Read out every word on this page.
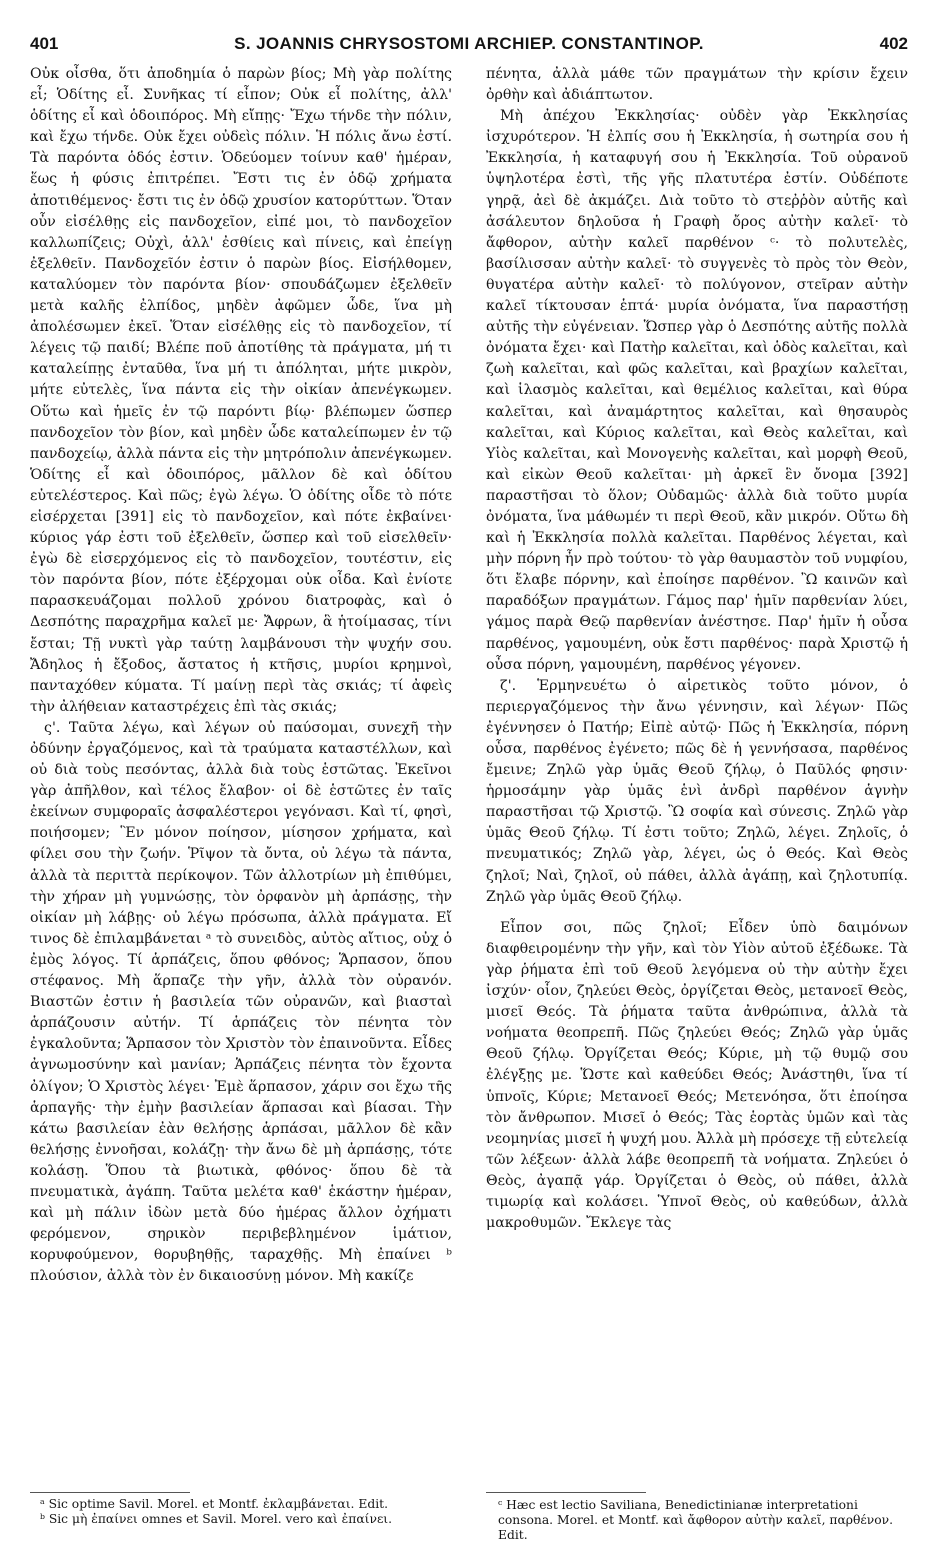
401	S. JOANNIS CHRYSOSTOMI ARCHIEP. CONSTANTINOP.	402

Οὐκ οἶσθα, ὅτι ἀποδημία ὁ παρὼν βίος; Μὴ γὰρ πολίτης εἶ; Ὁδίτης εἶ. Συνῆκας τί εἶπον; Οὐκ εἶ πολίτης, ἀλλ' ὁδίτης εἶ καὶ ὁδοιπόρος. Μὴ εἴπῃς· Ἔχω τήνδε τὴν πόλιν, καὶ ἔχω τήνδε. Οὐκ ἔχει οὐδεὶς πόλιν. Ἡ πόλις ἄνω ἐστί. Τὰ παρόντα ὁδός ἐστιν. Ὁδεύομεν τοίνυν καθ' ἡμέραν, ἕως ἡ φύσις ἐπιτρέπει. Ἔστι τις ἐν ὁδῷ χρήματα ἀποτιθέμενος· ἔστι τις ἐν ὁδῷ χρυσίον κατορύττων. Ὅταν οὖν εἰσέλθῃς εἰς πανδοχεῖον, εἰπέ μοι, τὸ πανδοχεῖον καλλωπίζεις; Οὐχὶ, ἀλλ' ἐσθίεις καὶ πίνεις, καὶ ἐπείγῃ ἐξελθεῖν. Πανδοχεῖόν ἐστιν ὁ παρὼν βίος. Εἰσήλθομεν, καταλύομεν τὸν παρόντα βίον· σπουδάζωμεν ἐξελθεῖν μετὰ καλῆς ἐλπίδος, μηδὲν ἀφῶμεν ὧδε, ἵνα μὴ ἀπολέσωμεν ἐκεῖ. Ὅταν εἰσέλθῃς εἰς τὸ πανδοχεῖον, τί λέγεις τῷ παιδί; Βλέπε ποῦ ἀποτίθης τὰ πράγματα, μή τι καταλείπῃς ἐνταῦθα, ἵνα μή τι ἀπόληται, μήτε μικρὸν, μήτε εὐτελὲς, ἵνα πάντα εἰς τὴν οἰκίαν ἀπενέγκωμεν. Οὕτω καὶ ἡμεῖς ἐν τῷ παρόντι βίῳ· βλέπωμεν ὥσπερ πανδοχεῖον τὸν βίον, καὶ μηδὲν ὧδε καταλείπωμεν ἐν τῷ πανδοχείῳ, ἀλλὰ πάντα εἰς τὴν μητρόπολιν ἀπενέγκωμεν. Ὁδίτης εἶ καὶ ὁδοιπόρος, μᾶλλον δὲ καὶ ὁδίτου εὐτελέστερος. Καὶ πῶς; ἐγὼ λέγω. Ὁ ὁδίτης οἶδε τὸ πότε εἰσέρχεται [391] εἰς τὸ πανδοχεῖον, καὶ πότε ἐκβαίνει· κύριος γάρ ἐστι τοῦ ἐξελθεῖν, ὥσπερ καὶ τοῦ εἰσελθεῖν· ἐγὼ δὲ εἰσερχόμενος εἰς τὸ πανδοχεῖον, τουτέστιν, εἰς τὸν παρόντα βίον, πότε ἐξέρχομαι οὐκ οἶδα. Καὶ ἐνίοτε παρασκευάζομαι πολλοῦ χρόνου διατροφὰς, καὶ ὁ Δεσπότης παραχρῆμα καλεῖ με· Ἄφρων, ἃ ἡτοίμασας, τίνι ἔσται; Τῇ νυκτὶ γὰρ ταύτῃ λαμβάνουσι τὴν ψυχήν σου. Ἄδηλος ἡ ἔξοδος, ἄστατος ἡ κτῆσις, μυρίοι κρημνοὶ, πανταχόθεν κύματα. Τί μαίνῃ περὶ τὰς σκιάς; τί ἀφεὶς τὴν ἀλήθειαν καταστρέχεις ἐπὶ τὰς σκιάς;

ς'. Ταῦτα λέγω, καὶ λέγων οὐ παύσομαι, συνεχῆ τὴν ὀδύνην ἐργαζόμενος, καὶ τὰ τραύματα καταστέλλων, καὶ οὐ διὰ τοὺς πεσόντας, ἀλλὰ διὰ τοὺς ἑστῶτας. Ἐκεῖνοι γὰρ ἀπῆλθον, καὶ τέλος ἔλαβον· οἱ δὲ ἑστῶτες ἐν ταῖς ἐκείνων συμφοραῖς ἀσφαλέστεροι γεγόνασι. Καὶ τί, φησὶ, ποιήσομεν; Ἓν μόνον ποίησον, μίσησον χρήματα, καὶ φίλει σου τὴν ζωήν. Ῥῖψον τὰ ὄντα, οὐ λέγω τὰ πάντα, ἀλλὰ τὰ περιττὰ περίκοψον. Τῶν ἀλλοτρίων μὴ ἐπιθύμει, τὴν χήραν μὴ γυμνώσῃς, τὸν ὀρφανὸν μὴ ἁρπάσῃς, τὴν οἰκίαν μὴ λάβῃς· οὐ λέγω πρόσωπα, ἀλλὰ πράγματα. Εἴ τινος δὲ ἐπιλαμβάνεται ᵃ τὸ συνειδὸς, αὐτὸς αἴτιος, οὐχ ὁ ἐμὸς λόγος. Τί ἁρπάζεις, ὅπου φθόνος; Ἅρπασον, ὅπου στέφανος. Μὴ ἅρπαζε τὴν γῆν, ἀλλὰ τὸν οὐρανόν. Βιαστῶν ἐστιν ἡ βασιλεία τῶν οὐρανῶν, καὶ βιασταὶ ἁρπάζουσιν αὐτήν. Τί ἁρπάζεις τὸν πένητα τὸν ἐγκαλοῦντα; Ἅρπασον τὸν Χριστὸν τὸν ἐπαινοῦντα. Εἶδες ἀγνωμοσύνην καὶ μανίαν; Ἁρπάζεις πένητα τὸν ἔχοντα ὀλίγον; Ὁ Χριστὸς λέγει· Ἐμὲ ἅρπασον, χάριν σοι ἔχω τῆς ἁρπαγῆς· τὴν ἐμὴν βασιλείαν ἅρπασαι καὶ βίασαι. Τὴν κάτω βασιλείαν ἐὰν θελήσῃς ἁρπάσαι, μᾶλλον δὲ κἂν θελήσῃς ἐννοῆσαι, κολάζῃ· τὴν ἄνω δὲ μὴ ἁρπάσῃς, τότε κολάσῃ. Ὅπου τὰ βιωτικὰ, φθόνος· ὅπου δὲ τὰ πνευματικὰ, ἀγάπη. Ταῦτα μελέτα καθ' ἑκάστην ἡμέραν, καὶ μὴ πάλιν ἰδὼν μετὰ δύο ἡμέρας ἄλλον ὀχήματι φερόμενον, σηρικὸν περιβεβλημένον ἱμάτιον, κορυφούμενον, θορυβηθῇς, ταραχθῇς. Μὴ ἐπαίνει ᵇ πλούσιον, ἀλλὰ τὸν ἐν δικαιοσύνῃ μόνον. Μὴ κακίζε

πένητα, ἀλλὰ μάθε τῶν πραγμάτων τὴν κρίσιν ἔχειν ὀρθὴν καὶ ἀδιάπτωτον.

Μὴ ἀπέχου Ἐκκλησίας· οὐδὲν γὰρ Ἐκκλησίας ἰσχυρότερον. Ἡ ἐλπίς σου ἡ Ἐκκλησία, ἡ σωτηρία σου ἡ Ἐκκλησία, ἡ καταφυγή σου ἡ Ἐκκλησία. Τοῦ οὐρανοῦ ὑψηλοτέρα ἐστὶ, τῆς γῆς πλατυτέρα ἐστίν. Οὐδέποτε γηρᾷ, ἀεὶ δὲ ἀκμάζει. Διὰ τοῦτο τὸ στεῤῥὸν αὐτῆς καὶ ἀσάλευτον δηλοῦσα ἡ Γραφὴ ὄρος αὐτὴν καλεῖ· τὸ ἄφθορον, αὐτὴν καλεῖ παρθένον ᶜ· τὸ πολυτελὲς, βασίλισσαν αὐτὴν καλεῖ· τὸ συγγενὲς τὸ πρὸς τὸν Θεὸν, θυγατέρα αὐτὴν καλεῖ· τὸ πολύγονον, στεῖραν αὐτὴν καλεῖ τίκτουσαν ἑπτά· μυρία ὀνόματα, ἵνα παραστήσῃ αὐτῆς τὴν εὐγένειαν. Ὥσπερ γὰρ ὁ Δεσπότης αὐτῆς πολλὰ ὀνόματα ἔχει· καὶ Πατὴρ καλεῖται, καὶ ὁδὸς καλεῖται, καὶ ζωὴ καλεῖται, καὶ φῶς καλεῖται, καὶ βραχίων καλεῖται, καὶ ἱλασμὸς καλεῖται, καὶ θεμέλιος καλεῖται, καὶ θύρα καλεῖται, καὶ ἀναμάρτητος καλεῖται, καὶ θησαυρὸς καλεῖται, καὶ Κύριος καλεῖται, καὶ Θεὸς καλεῖται, καὶ Υἱὸς καλεῖται, καὶ Μονογενὴς καλεῖται, καὶ μορφὴ Θεοῦ, καὶ εἰκὼν Θεοῦ καλεῖται· μὴ ἀρκεῖ ἓν ὄνομα [392] παραστῆσαι τὸ ὅλον; Οὐδαμῶς· ἀλλὰ διὰ τοῦτο μυρία ὀνόματα, ἵνα μάθωμέν τι περὶ Θεοῦ, κἂν μικρόν. Οὕτω δὴ καὶ ἡ Ἐκκλησία πολλὰ καλεῖται. Παρθένος λέγεται, καὶ μὴν πόρνη ἦν πρὸ τούτου· τὸ γὰρ θαυμαστὸν τοῦ νυμφίου, ὅτι ἔλαβε πόρνην, καὶ ἐποίησε παρθένον. Ὢ καινῶν καὶ παραδόξων πραγμάτων. Γάμος παρ' ἡμῖν παρθενίαν λύει, γάμος παρὰ Θεῷ παρθενίαν ἀνέστησε. Παρ' ἡμῖν ἡ οὖσα παρθένος, γαμουμένη, οὐκ ἔστι παρθένος· παρὰ Χριστῷ ἡ οὖσα πόρνη, γαμουμένη, παρθένος γέγονεν.

ζ'. Ἑρμηνευέτω ὁ αἱρετικὸς τοῦτο μόνον, ὁ περιεργαζόμενος τὴν ἄνω γέννησιν, καὶ λέγων· Πῶς ἐγέννησεν ὁ Πατήρ; Εἰπὲ αὐτῷ· Πῶς ἡ Ἐκκλησία, πόρνη οὖσα, παρθένος ἐγένετο; πῶς δὲ ἡ γεννήσασα, παρθένος ἔμεινε; Ζηλῶ γὰρ ὑμᾶς Θεοῦ ζήλῳ, ὁ Παῦλός φησιν· ἡρμοσάμην γὰρ ὑμᾶς ἑνὶ ἀνδρὶ παρθένον ἁγνὴν παραστῆσαι τῷ Χριστῷ. Ὢ σοφία καὶ σύνεσις. Ζηλῶ γὰρ ὑμᾶς Θεοῦ ζήλῳ. Τί ἐστι τοῦτο; Ζηλῶ, λέγει. Ζηλοῖς, ὁ πνευματικός; Ζηλῶ γὰρ, λέγει, ὡς ὁ Θεός. Καὶ Θεὸς ζηλοῖ; Ναὶ, ζηλοῖ, οὐ πάθει, ἀλλὰ ἀγάπῃ, καὶ ζηλοτυπίᾳ. Ζηλῶ γὰρ ὑμᾶς Θεοῦ ζήλῳ.

Εἶπον σοι, πῶς ζηλοῖ; Εἶδεν ὑπὸ δαιμόνων διαφθειρομένην τὴν γῆν, καὶ τὸν Υἱὸν αὐτοῦ ἐξέδωκε. Τὰ γὰρ ῥήματα ἐπὶ τοῦ Θεοῦ λεγόμενα οὐ τὴν αὐτὴν ἔχει ἰσχύν· οἷον, ζηλεύει Θεὸς, ὀργίζεται Θεὸς, μετανοεῖ Θεὸς, μισεῖ Θεός. Τὰ ῥήματα ταῦτα ἀνθρώπινα, ἀλλὰ τὰ νοήματα θεοπρεπῆ. Πῶς ζηλεύει Θεός; Ζηλῶ γὰρ ὑμᾶς Θεοῦ ζήλῳ. Ὀργίζεται Θεός; Κύριε, μὴ τῷ θυμῷ σου ἐλέγξῃς με. Ὥστε καὶ καθεύδει Θεός; Ἀνάστηθι, ἵνα τί ὑπνοῖς, Κύριε; Μετανοεῖ Θεός; Μετενόησα, ὅτι ἐποίησα τὸν ἄνθρωπον. Μισεῖ ὁ Θεός; Τὰς ἑορτὰς ὑμῶν καὶ τὰς νεομηνίας μισεῖ ἡ ψυχή μου. Ἀλλὰ μὴ πρόσεχε τῇ εὐτελείᾳ τῶν λέξεων· ἀλλὰ λάβε θεοπρεπῆ τὰ νοήματα. Ζηλεύει ὁ Θεὸς, ἀγαπᾷ γάρ. Ὀργίζεται ὁ Θεὸς, οὐ πάθει, ἀλλὰ τιμωρίᾳ καὶ κολάσει. Ὑπνοῖ Θεὸς, οὐ καθεύδων, ἀλλὰ μακροθυμῶν. Ἔκλεγε τὰς

ᵃ Sic optime Savil. Morel. et Montf. ἐκλαμβάνεται. Edit.
ᵇ Sic μὴ ἐπαίνει omnes et Savil. Morel. vero καὶ ἐπαίνει.
ᶜ Hæc est lectio Saviliana, Benedictinianæ interpretationi consona. Morel. et Montf. καὶ ἄφθορον αὐτὴν καλεῖ, παρθένον. Edit.
